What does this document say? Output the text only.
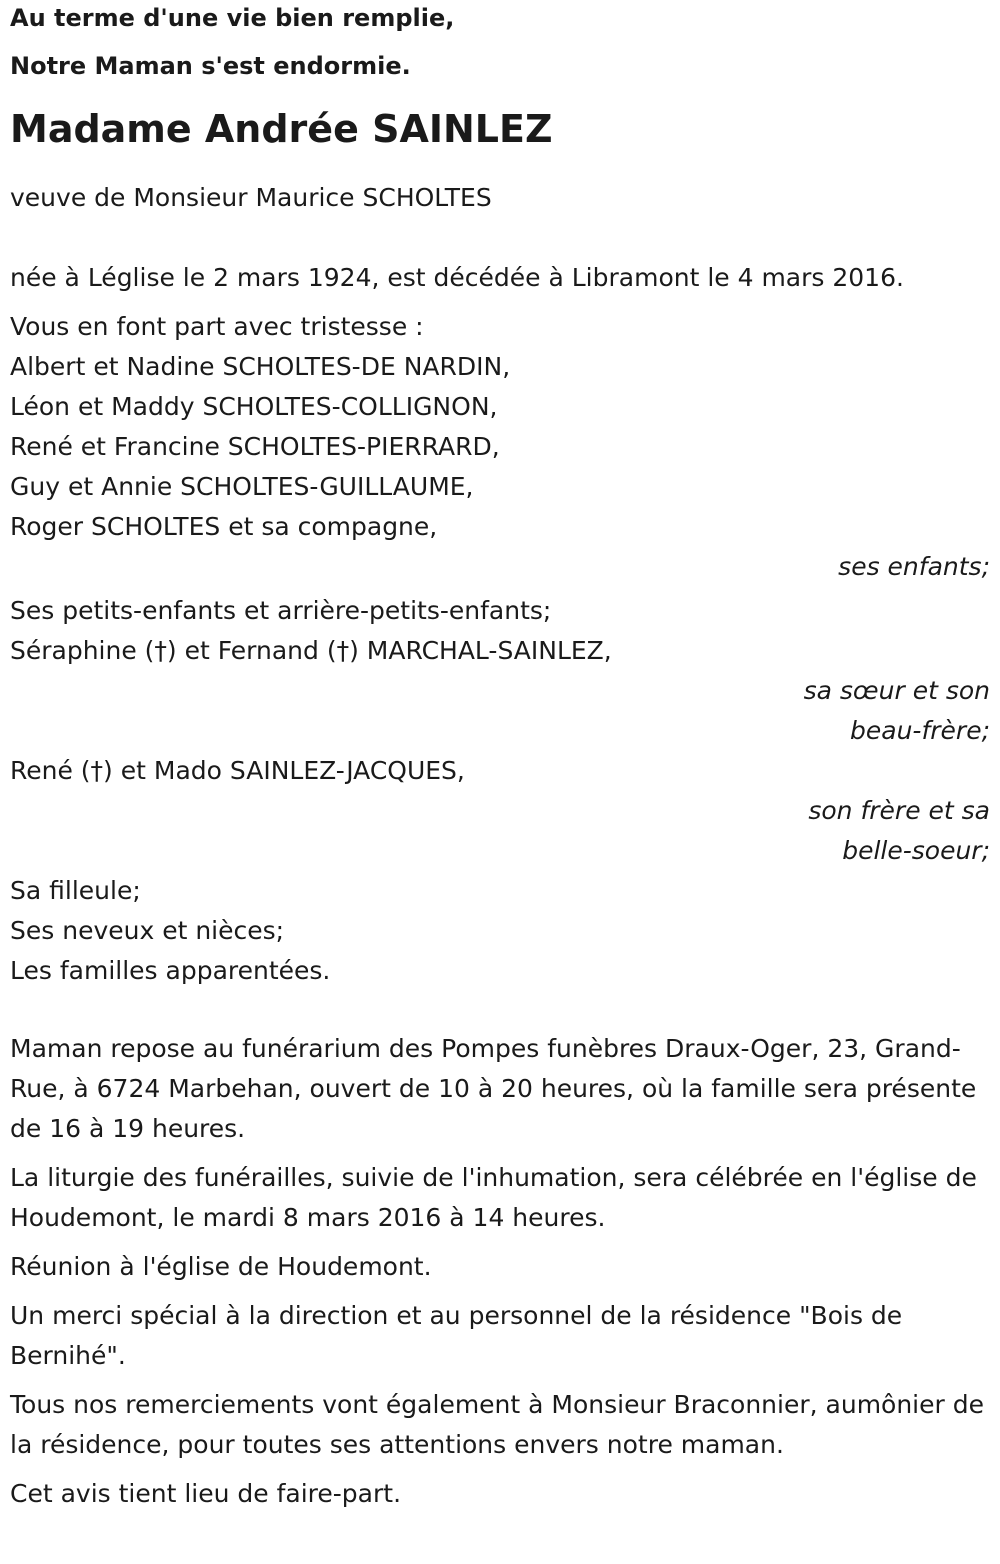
Au terme d'une vie bien remplie,

Notre Maman s'est endormie.

Madame Andrée SAINLEZ

veuve de Monsieur Maurice SCHOLTES

née à Léglise le 2 mars 1924, est décédée à Libramont le 4 mars 2016.

Vous en font part avec tristesse :

Albert et Nadine SCHOLTES-DE NARDIN,

Léon et Maddy SCHOLTES-COLLIGNON,

René et Francine SCHOLTES-PIERRARD,

Guy et Annie SCHOLTES-GUILLAUME,

Roger SCHOLTES et sa compagne,

ses enfants;

Ses petits-enfants et arrière-petits-enfants;

Séraphine (†) et Fernand (†) MARCHAL-SAINLEZ,

sa sœur et son

beau-frère;

René (†) et Mado SAINLEZ-JACQUES,

son frère et sa

belle-soeur;

Sa filleule;

Ses neveux et nièces;

Les familles apparentées.

Maman repose au funérarium des Pompes funèbres Draux-Oger, 23, Grand-Rue, à 6724 Marbehan, ouvert de 10 à 20 heures, où la famille sera présente de 16 à 19 heures.

La liturgie des funérailles, suivie de l'inhumation, sera célébrée en l'église de Houdemont, le mardi 8 mars 2016 à 14 heures.

Réunion à l'église de Houdemont.

Un merci spécial à la direction et au personnel de la résidence "Bois de Bernihé".

Tous nos remerciements vont également à Monsieur Braconnier, aumônier de la résidence, pour toutes ses attentions envers notre maman.

Cet avis tient lieu de faire-part.
